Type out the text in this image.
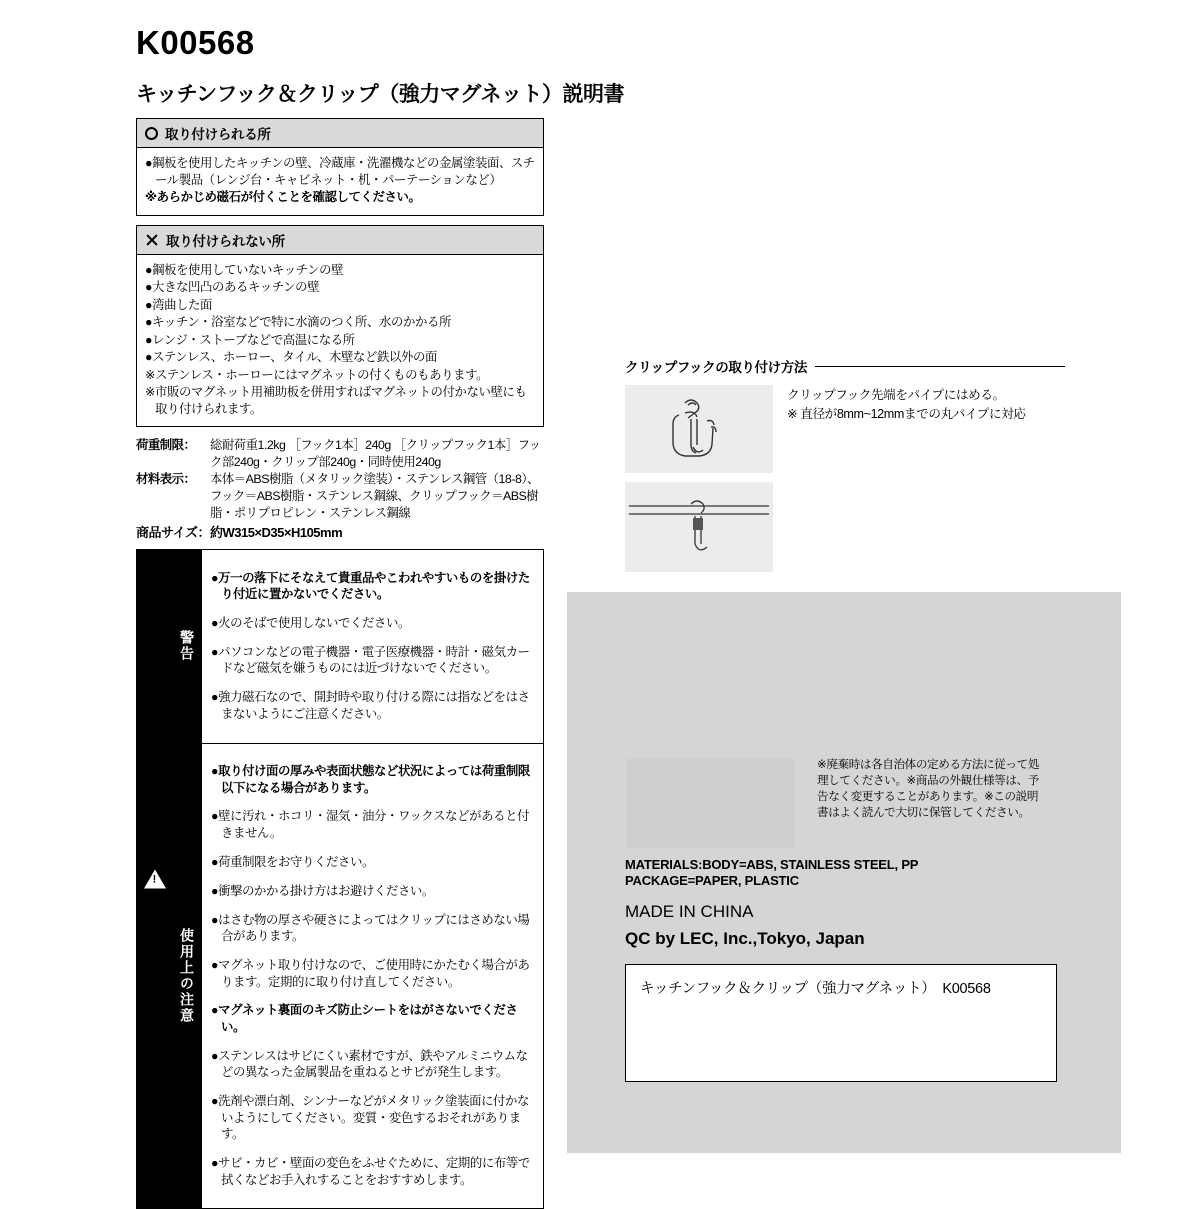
K00568
キッチンフック＆クリップ（強力マグネット）説明書
取り付けられる所

●鋼板を使用したキッチンの壁、冷蔵庫・洗濯機などの金属塗装面、スチール製品（レンジ台・キャビネット・机・パーテーションなど）

※あらかじめ磁石が付くことを確認してください。

取り付けられない所

●鋼板を使用していないキッチンの壁

●大きな凹凸のあるキッチンの壁

●湾曲した面

●キッチン・浴室などで特に水滴のつく所、水のかかる所

●レンジ・ストーブなどで高温になる所

●ステンレス、ホーロー、タイル、木壁など鉄以外の面

※ステンレス・ホーローにはマグネットの付くものもあります。

※市販のマグネット用補助板を併用すればマグネットの付かない壁にも取り付けられます。

荷重制限：	総耐荷重1.2kg ［フック1本］240g ［クリップフック1本］フック部240g・クリップ部240g・同時使用240g
材料表示：	本体＝ABS樹脂（メタリック塗装）・ステンレス鋼管（18-8）、フック＝ABS樹脂・ステンレス鋼線、クリップフック＝ABS樹脂・ポリプロピレン・ステンレス鋼線
商品サイズ：約W315×D35×H105mm
!
警告

●万一の落下にそなえて貴重品やこわれやすいものを掛けたり付近に置かないでください。

●火のそばで使用しないでください。

●パソコンなどの電子機器・電子医療機器・時計・磁気カードなど磁気を嫌うものには近づけないでください。

●強力磁石なので、開封時や取り付ける際には指などをはさまないようにご注意ください。

使用上の注意

●取り付け面の厚みや表面状態など状況によっては荷重制限以下になる場合があります。

●壁に汚れ・ホコリ・湿気・油分・ワックスなどがあると付きません。

●荷重制限をお守りください。

●衝撃のかかる掛け方はお避けください。

●はさむ物の厚さや硬さによってはクリップにはさめない場合があります。

●マグネット取り付けなので、ご使用時にかたむく場合があります。定期的に取り付け直してください。

●マグネット裏面のキズ防止シートをはがさないでください。

●ステンレスはサビにくい素材ですが、鉄やアルミニウムなどの異なった金属製品を重ねるとサビが発生します。

●洗剤や漂白剤、シンナーなどがメタリック塗装面に付かないようにしてください。変質・変色するおそれがあります。

●サビ・カビ・壁面の変色をふせぐために、定期的に布等で拭くなどお手入れすることをおすすめします。

クリップフックの取り付け方法
クリップフック先端をパイプにはめる。
※ 直径が8mm~12mmまでの丸パイプに対応
※廃棄時は各自治体の定める方法に従って処理してください。※商品の外観仕様等は、予告なく変更することがあります。※この説明書はよく読んで大切に保管してください。
MATERIALS:BODY=ABS, STAINLESS STEEL, PP
PACKAGE=PAPER, PLASTIC
MADE IN CHINA
QC by LEC, Inc.,Tokyo, Japan
キッチンフック＆クリップ（強力マグネット）　K00568
